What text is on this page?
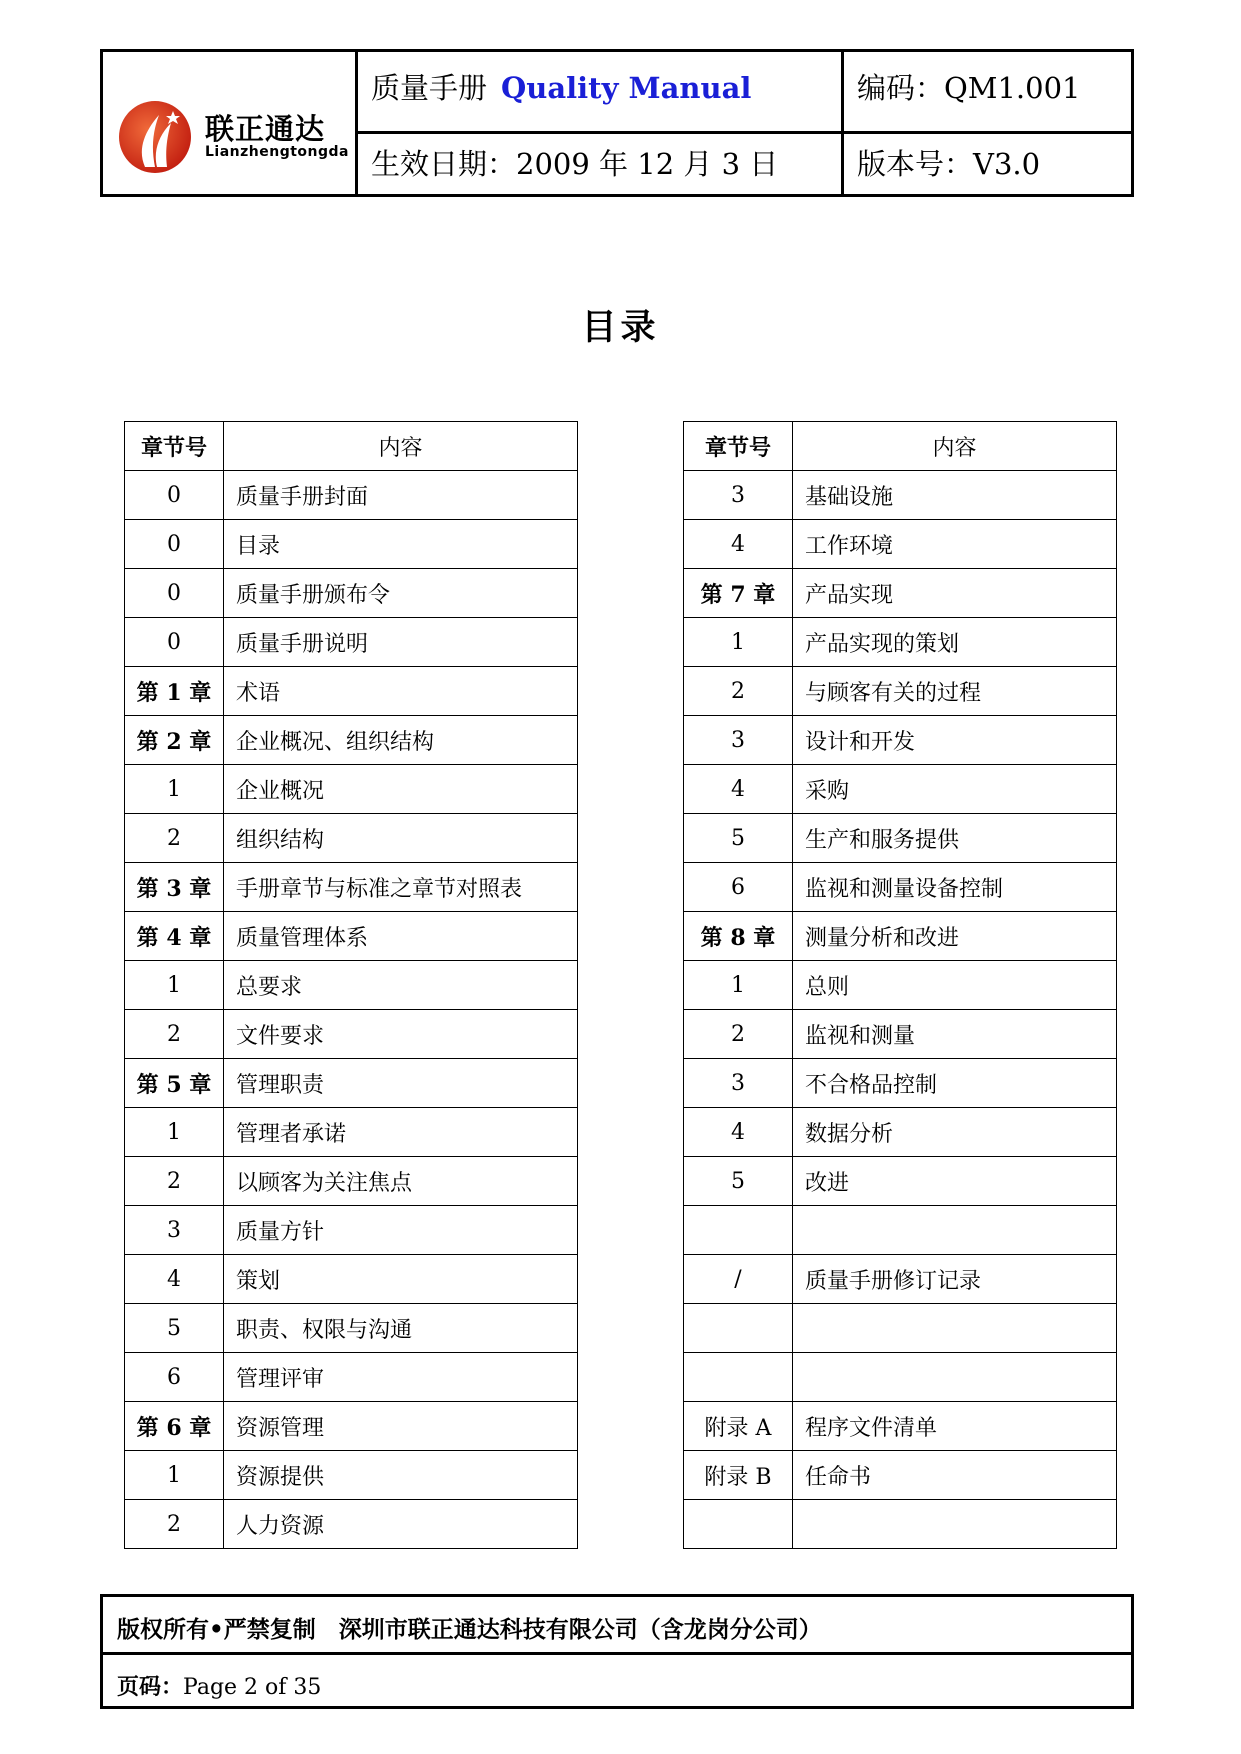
联正通达
Lianzhengtongda
质量手册 Quality Manual	编码：QM1.001
生效日期：2009 年 12 月 3 日	版本号：V3.0
目录
章节号	内容
0	质量手册封面
0	目录
0	质量手册颁布令
0	质量手册说明
第 1 章	术语
第 2 章	企业概况、组织结构
1	企业概况
2	组织结构
第 3 章	手册章节与标准之章节对照表
第 4 章	质量管理体系
1	总要求
2	文件要求
第 5 章	管理职责
1	管理者承诺
2	以顾客为关注焦点
3	质量方针
4	策划
5	职责、权限与沟通
6	管理评审
第 6 章	资源管理
1	资源提供
2	人力资源
章节号	内容
3	基础设施
4	工作环境
第 7 章	产品实现
1	产品实现的策划
2	与顾客有关的过程
3	设计和开发
4	采购
5	生产和服务提供
6	监视和测量设备控制
第 8 章	测量分析和改进
1	总则
2	监视和测量
3	不合格品控制
4	数据分析
5	改进

/	质量手册修订记录

附录 A	程序文件清单
附录 B	任命书

版权所有•严禁复制　深圳市联正通达科技有限公司（含龙岗分公司）
页码：Page 2 of 35
